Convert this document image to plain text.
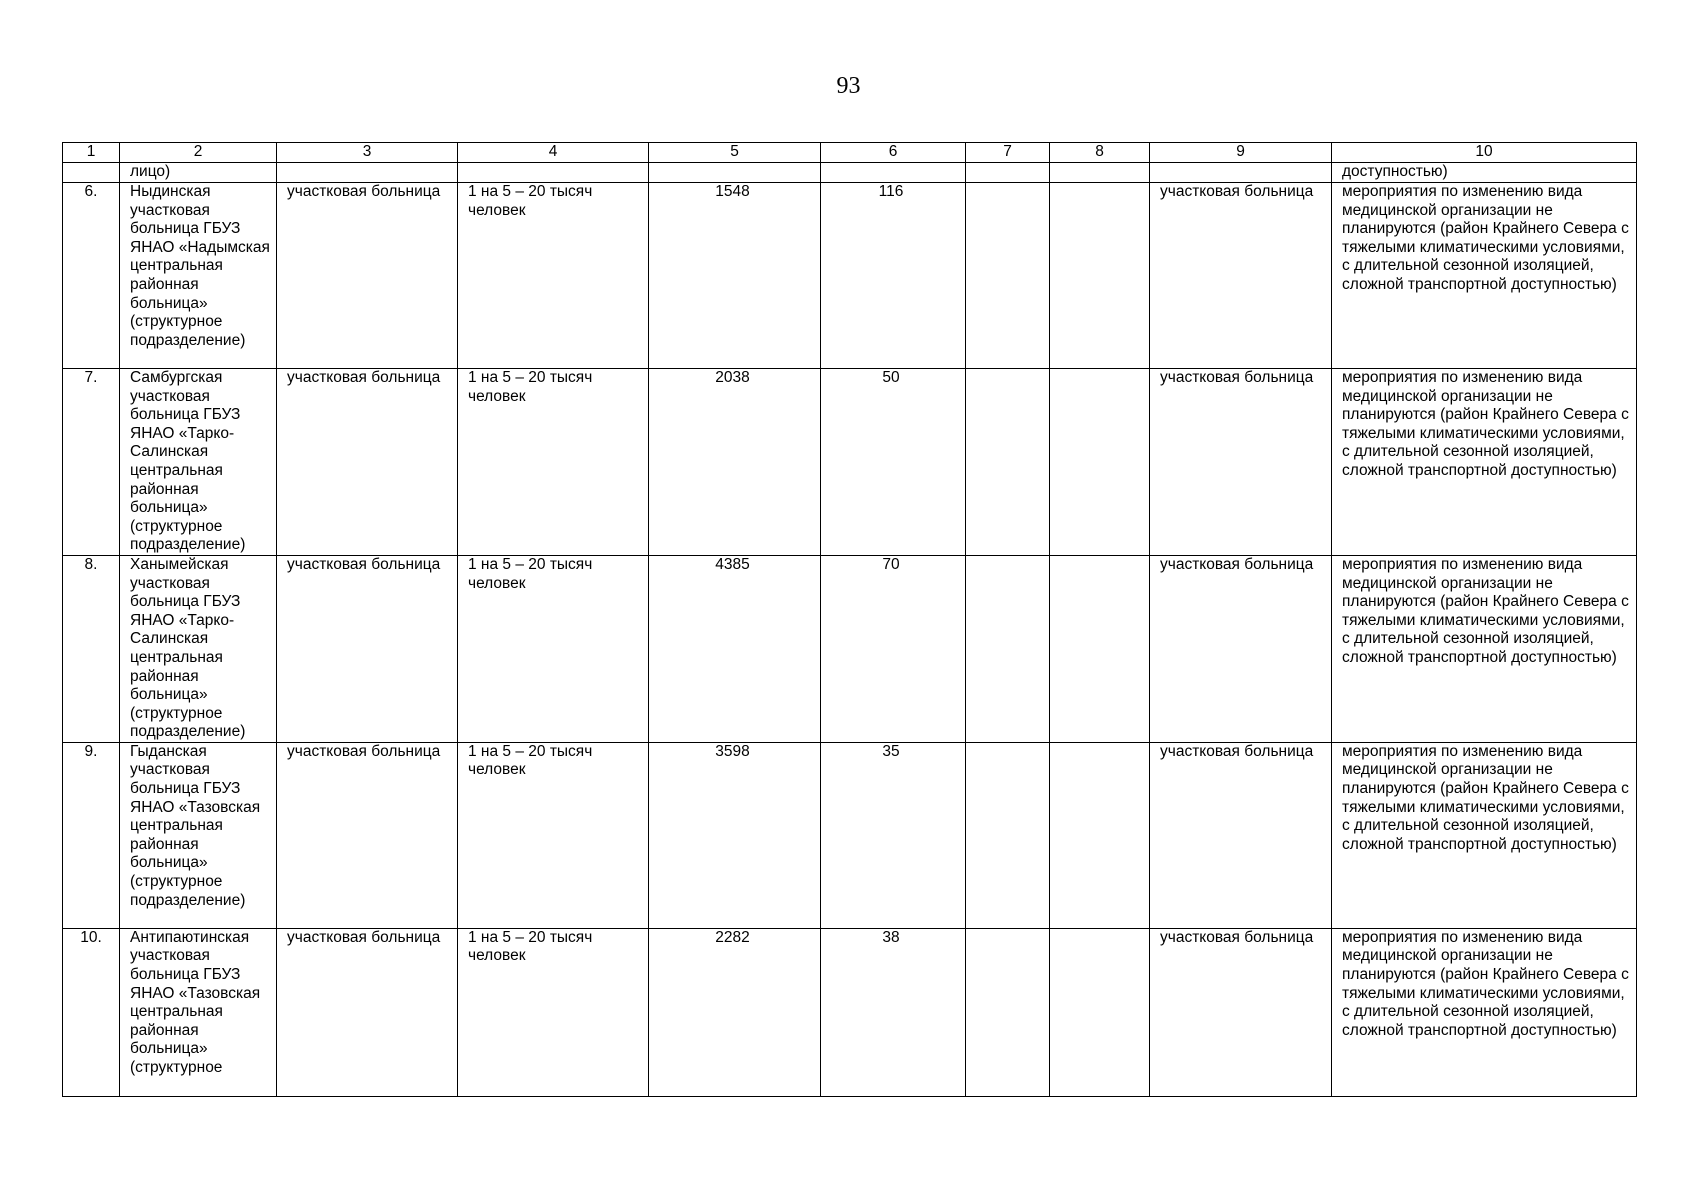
93
1	2	3	4	5	6	7	8	9	10
	лицо)								доступностью)
6.	Ныдинская участковая больница ГБУЗ ЯНАО «Надымская центральная районная больница» (структурное подразделение)	участковая больница	1 на 5 – 20 тысяч человек	1548	116			участковая больница	мероприятия по изменению вида медицинской организации не планируются (район Крайнего Севера с тяжелыми климатическими условиями, с длительной сезонной изоляцией, сложной транспортной доступностью)
7.	Самбургская участковая больница ГБУЗ ЯНАО «Тарко-Салинская центральная районная больница» (структурное подразделение)	участковая больница	1 на 5 – 20 тысяч человек	2038	50			участковая больница	мероприятия по изменению вида медицинской организации не планируются (район Крайнего Севера с тяжелыми климатическими условиями, с длительной сезонной изоляцией, сложной транспортной доступностью)
8.	Ханымейская участковая больница ГБУЗ ЯНАО «Тарко-Салинская центральная районная больница» (структурное подразделение)	участковая больница	1 на 5 – 20 тысяч человек	4385	70			участковая больница	мероприятия по изменению вида медицинской организации не планируются (район Крайнего Севера с тяжелыми климатическими условиями, с длительной сезонной изоляцией, сложной транспортной доступностью)
9.	Гыданская участковая больница ГБУЗ ЯНАО «Тазовская центральная районная больница» (структурное подразделение)	участковая больница	1 на 5 – 20 тысяч человек	3598	35			участковая больница	мероприятия по изменению вида медицинской организации не планируются (район Крайнего Севера с тяжелыми климатическими условиями, с длительной сезонной изоляцией, сложной транспортной доступностью)
10.	Антипаютинская участковая больница ГБУЗ ЯНАО «Тазовская центральная районная больница» (структурное	участковая больница	1 на 5 – 20 тысяч человек	2282	38			участковая больница	мероприятия по изменению вида медицинской организации не планируются (район Крайнего Севера с тяжелыми климатическими условиями, с длительной сезонной изоляцией, сложной транспортной доступностью)
